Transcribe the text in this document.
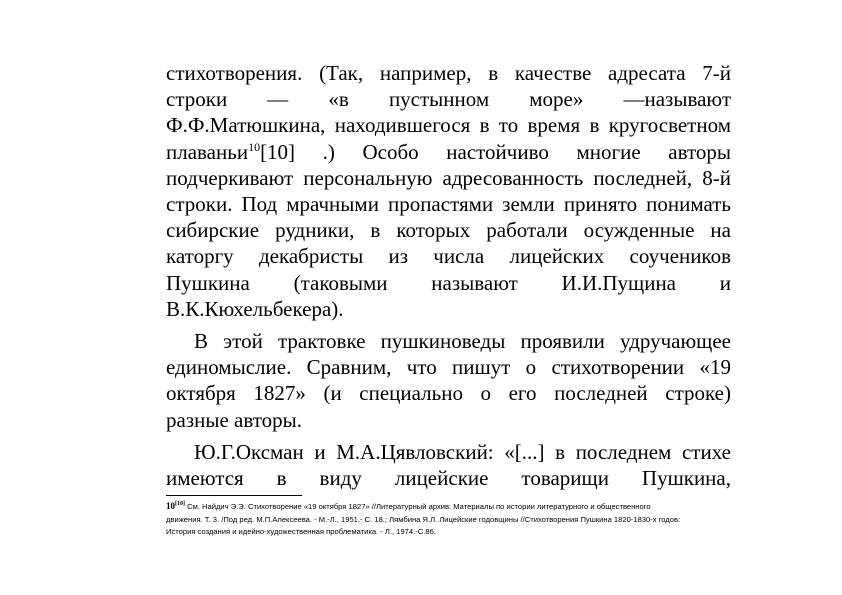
стихотворения. (Так, например, в качестве адресата 7-й
строки — «в пустынном море» —называют
Ф.Ф.Матюшкина, находившегося в то время в кругосветном
плаваньи$^{10}$[10] .) Особо настойчиво многие авторы
подчеркивают персональную адресованность последней, 8-й
строки. Под мрачными пропастями земли принято понимать
сибирские рудники, в которых работали осужденные на
каторгу декабристы из числа лицейских соучеников
Пушкина (таковыми называют И.И.Пущина и
В.К.Кюхельбекера).

В этой трактовке пушкиноведы проявили удручающее
единомыслие. Сравним, что пишут о стихотворении «19
октября 1827» (и специально о его последней строке)
разные авторы.

Ю.Г.Оксман и М.А.Цявловский: «[...] в последнем стихе
имеются в виду лицейские товарищи Пушкина,

10[10] См. Найдич Э.Э. Стихотворение «19 октября 1827» //Литературный архив: Материалы по истории литературного и общественного
движения. Т. 3. /Под ред. М.П.Алексеева. - М.-Л., 1951.- С. 18.; Лямбина Я.Л. Лицейские годовщины //Стихотворения Пушкина 1820-1830-х годов:
История создания и идейно-художественная проблематика. - Л., 1974.-С.86.
